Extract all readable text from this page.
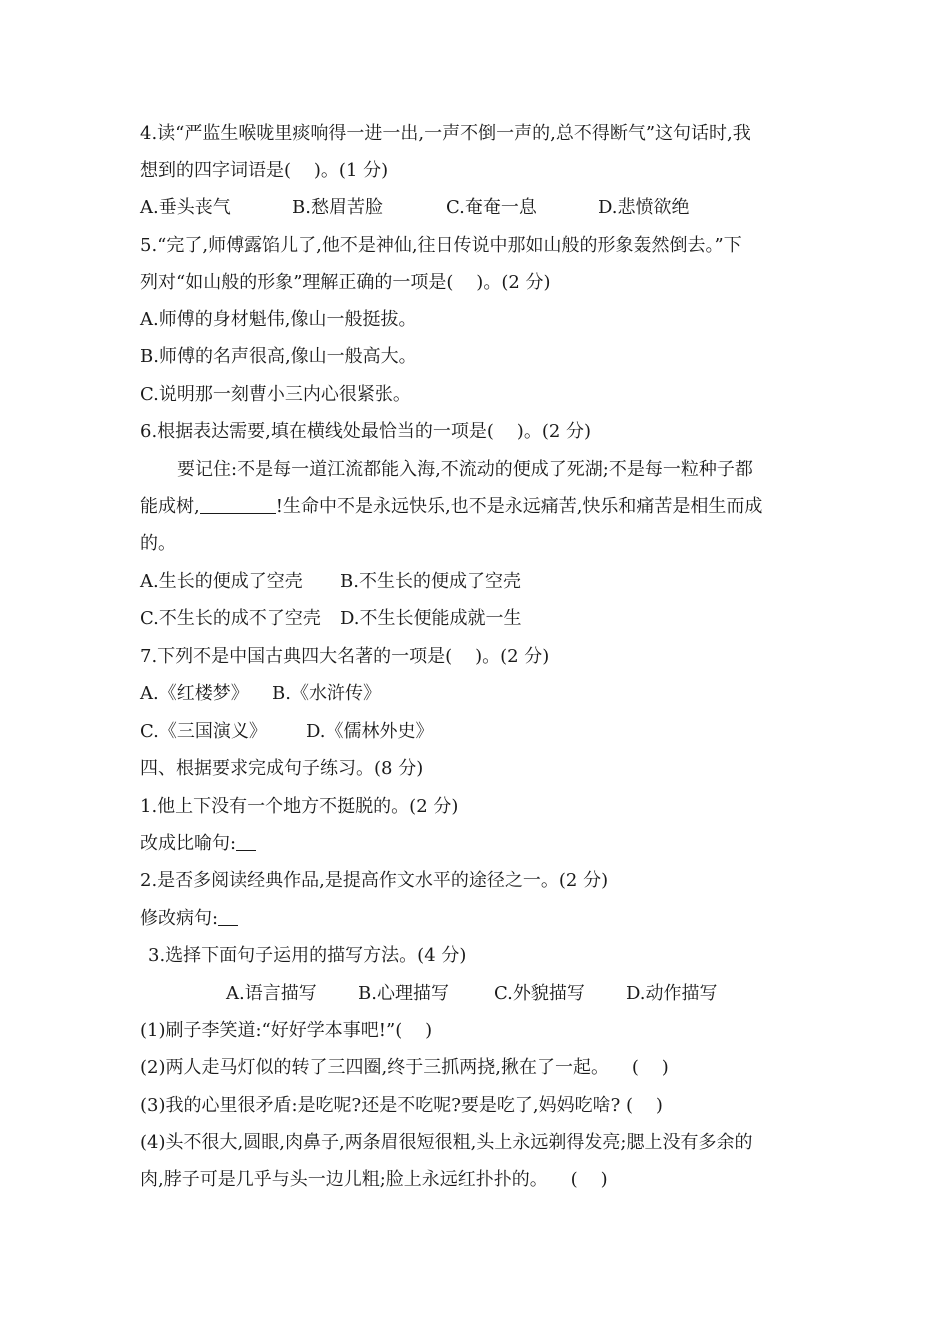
4.读“严监生喉咙里痰响得一进一出,一声不倒一声的,总不得断气”这句话时,我
想到的四字词语是(    )。(1 分)
A.垂头丧气	B.愁眉苦脸	C.奄奄一息	D.悲愤欲绝
5.“完了,师傅露馅儿了,他不是神仙,往日传说中那如山般的形象轰然倒去。”下
列对“如山般的形象”理解正确的一项是(    )。(2 分)
A.师傅的身材魁伟,像山一般挺拔。
B.师傅的名声很高,像山一般高大。
C.说明那一刻曹小三内心很紧张。
6.根据表达需要,填在横线处最恰当的一项是(    )。(2 分)
要记住:不是每一道江流都能入海,不流动的便成了死湖;不是每一粒种子都
能成树,	!生命中不是永远快乐,也不是永远痛苦,快乐和痛苦是相生而成
的。
A.生长的便成了空壳 B.不生长的便成了空壳
C.不生长的成不了空壳 D.不生长便能成就一生
7.下列不是中国古典四大名著的一项是(    )。(2 分)
A.《红楼梦》 B.《水浒传》
C.《三国演义》 D.《儒林外史》
四、根据要求完成句子练习。(8 分)
1.他上下没有一个地方不挺脱的。(2 分)
改成比喻句:
2.是否多阅读经典作品,是提高作文水平的途径之一。(2 分)
修改病句:
3.选择下面句子运用的描写方法。(4 分)
A.语言描写 B.心理描写	C.外貌描写 D.动作描写
(1)刷子李笑道:“好好学本事吧!”(    )
(2)两人走马灯似的转了三四圈,终于三抓两挠,揪在了一起。    (    )
(3)我的心里很矛盾:是吃呢?还是不吃呢?要是吃了,妈妈吃啥? (    )
(4)头不很大,圆眼,肉鼻子,两条眉很短很粗,头上永远剃得发亮;腮上没有多余的
肉,脖子可是几乎与头一边儿粗;脸上永远红扑扑的。    (    )
